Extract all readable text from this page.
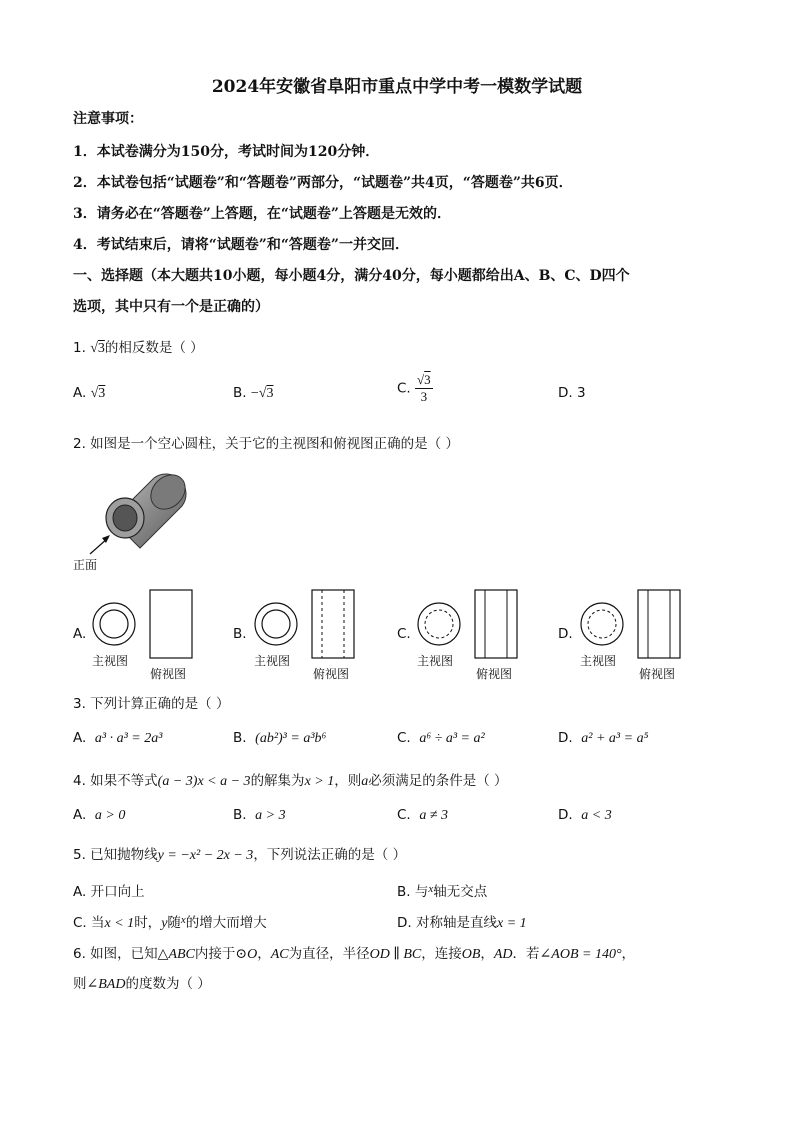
2024年安徽省阜阳市重点中学中考一模数学试题
注意事项：
1．本试卷满分为150分，考试时间为120分钟．
2．本试卷包括“试题卷”和“答题卷”两部分，“试题卷”共4页，“答题卷”共6页．
3．请务必在“答题卷”上答题，在“试题卷”上答题是无效的．
4．考试结束后，请将“试题卷”和“答题卷”一并交回．
一、选择题（本大题共10小题，每小题4分，满分40分，每小题都给出A、B、C、D四个
选项，其中只有一个是正确的）
1. √3的相反数是（ ）
A. √3	B. −√3	C. $\frac{√3}{3}$	D. 3
2. 如图是一个空心圆柱，关于它的主视图和俯视图正确的是（ ）
正面
A.
主视图
俯视图
B.
主视图
俯视图
C.
主视图
俯视图
D.
主视图
俯视图
3. 下列计算正确的是（ ）
A. a³ · a³ = 2a³	B. (ab²)³ = a³b⁶	C. a⁶ ÷ a³ = a²	D. a² + a³ = a⁵
4. 如果不等式(a − 3)x < a − 3的解集为x > 1，则a必须满足的条件是（ ）
A. a > 0	B. a > 3	C. a ≠ 3	D. a < 3
5. 已知抛物线y = −x² − 2x − 3，下列说法正确的是（ ）
A. 开口向上	B. 与$^x$轴无交点
C. 当x < 1时，y随$^x$的增大而增大	D. 对称轴是直线x = 1
6. 如图，已知△ABC内接于⊙O，AC为直径，半径OD ∥ BC，连接OB，AD．若∠AOB = 140°，
则∠BAD的度数为（ ）
